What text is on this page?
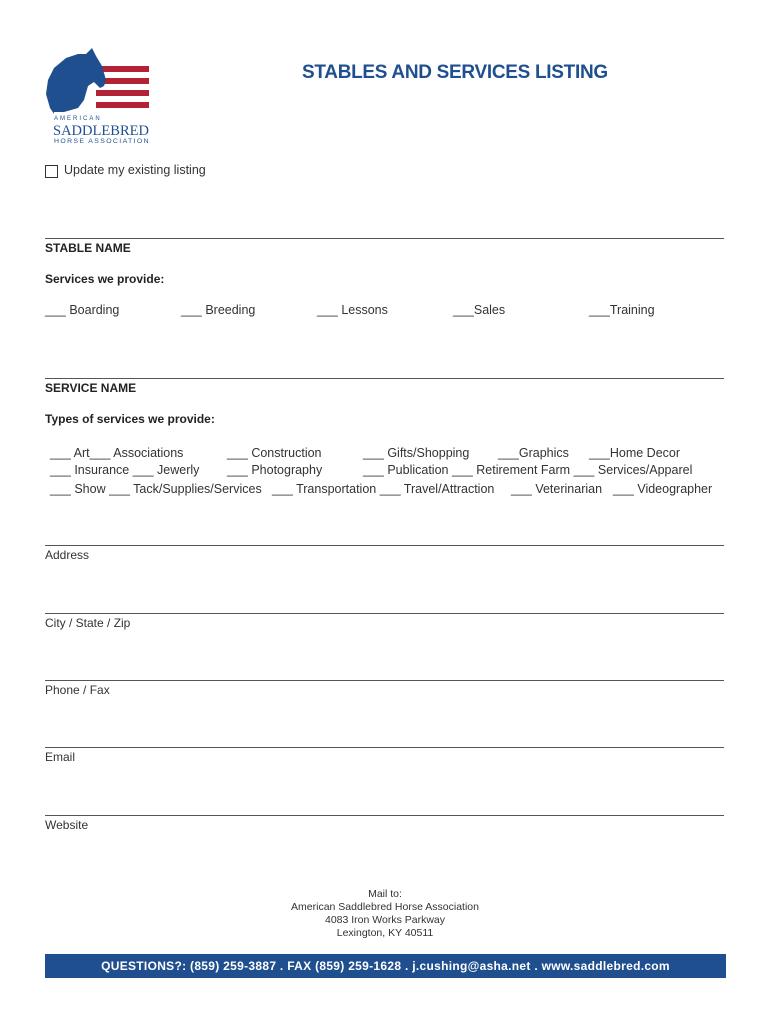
AMERICAN
SADDLEBRED
HORSE ASSOCIATION
STABLES AND SERVICES LISTING
Update my existing listing
STABLE NAME
Services we provide:
___ Boarding	___ Breeding	___ Lessons	___Sales	___Training
SERVICE NAME
Types of services we provide:
___ Art___ Associations	___ Construction	___ Gifts/Shopping ___Graphics ___Home Decor
___ Insurance ___ Jewerly ___ Photography	___ Publication ___ Retirement Farm ___ Services/Apparel
___ Show ___ Tack/Supplies/Services ___ Transportation ___ Travel/Attraction ___ Veterinarian ___ Videographer
Address
City / State / Zip
Phone / Fax
Email
Website
Mail to:
American Saddlebred Horse Association
4083 Iron Works Parkway
Lexington, KY 40511
QUESTIONS?: (859) 259-3887 . FAX (859) 259-1628 . j.cushing@asha.net . www.saddlebred.com
